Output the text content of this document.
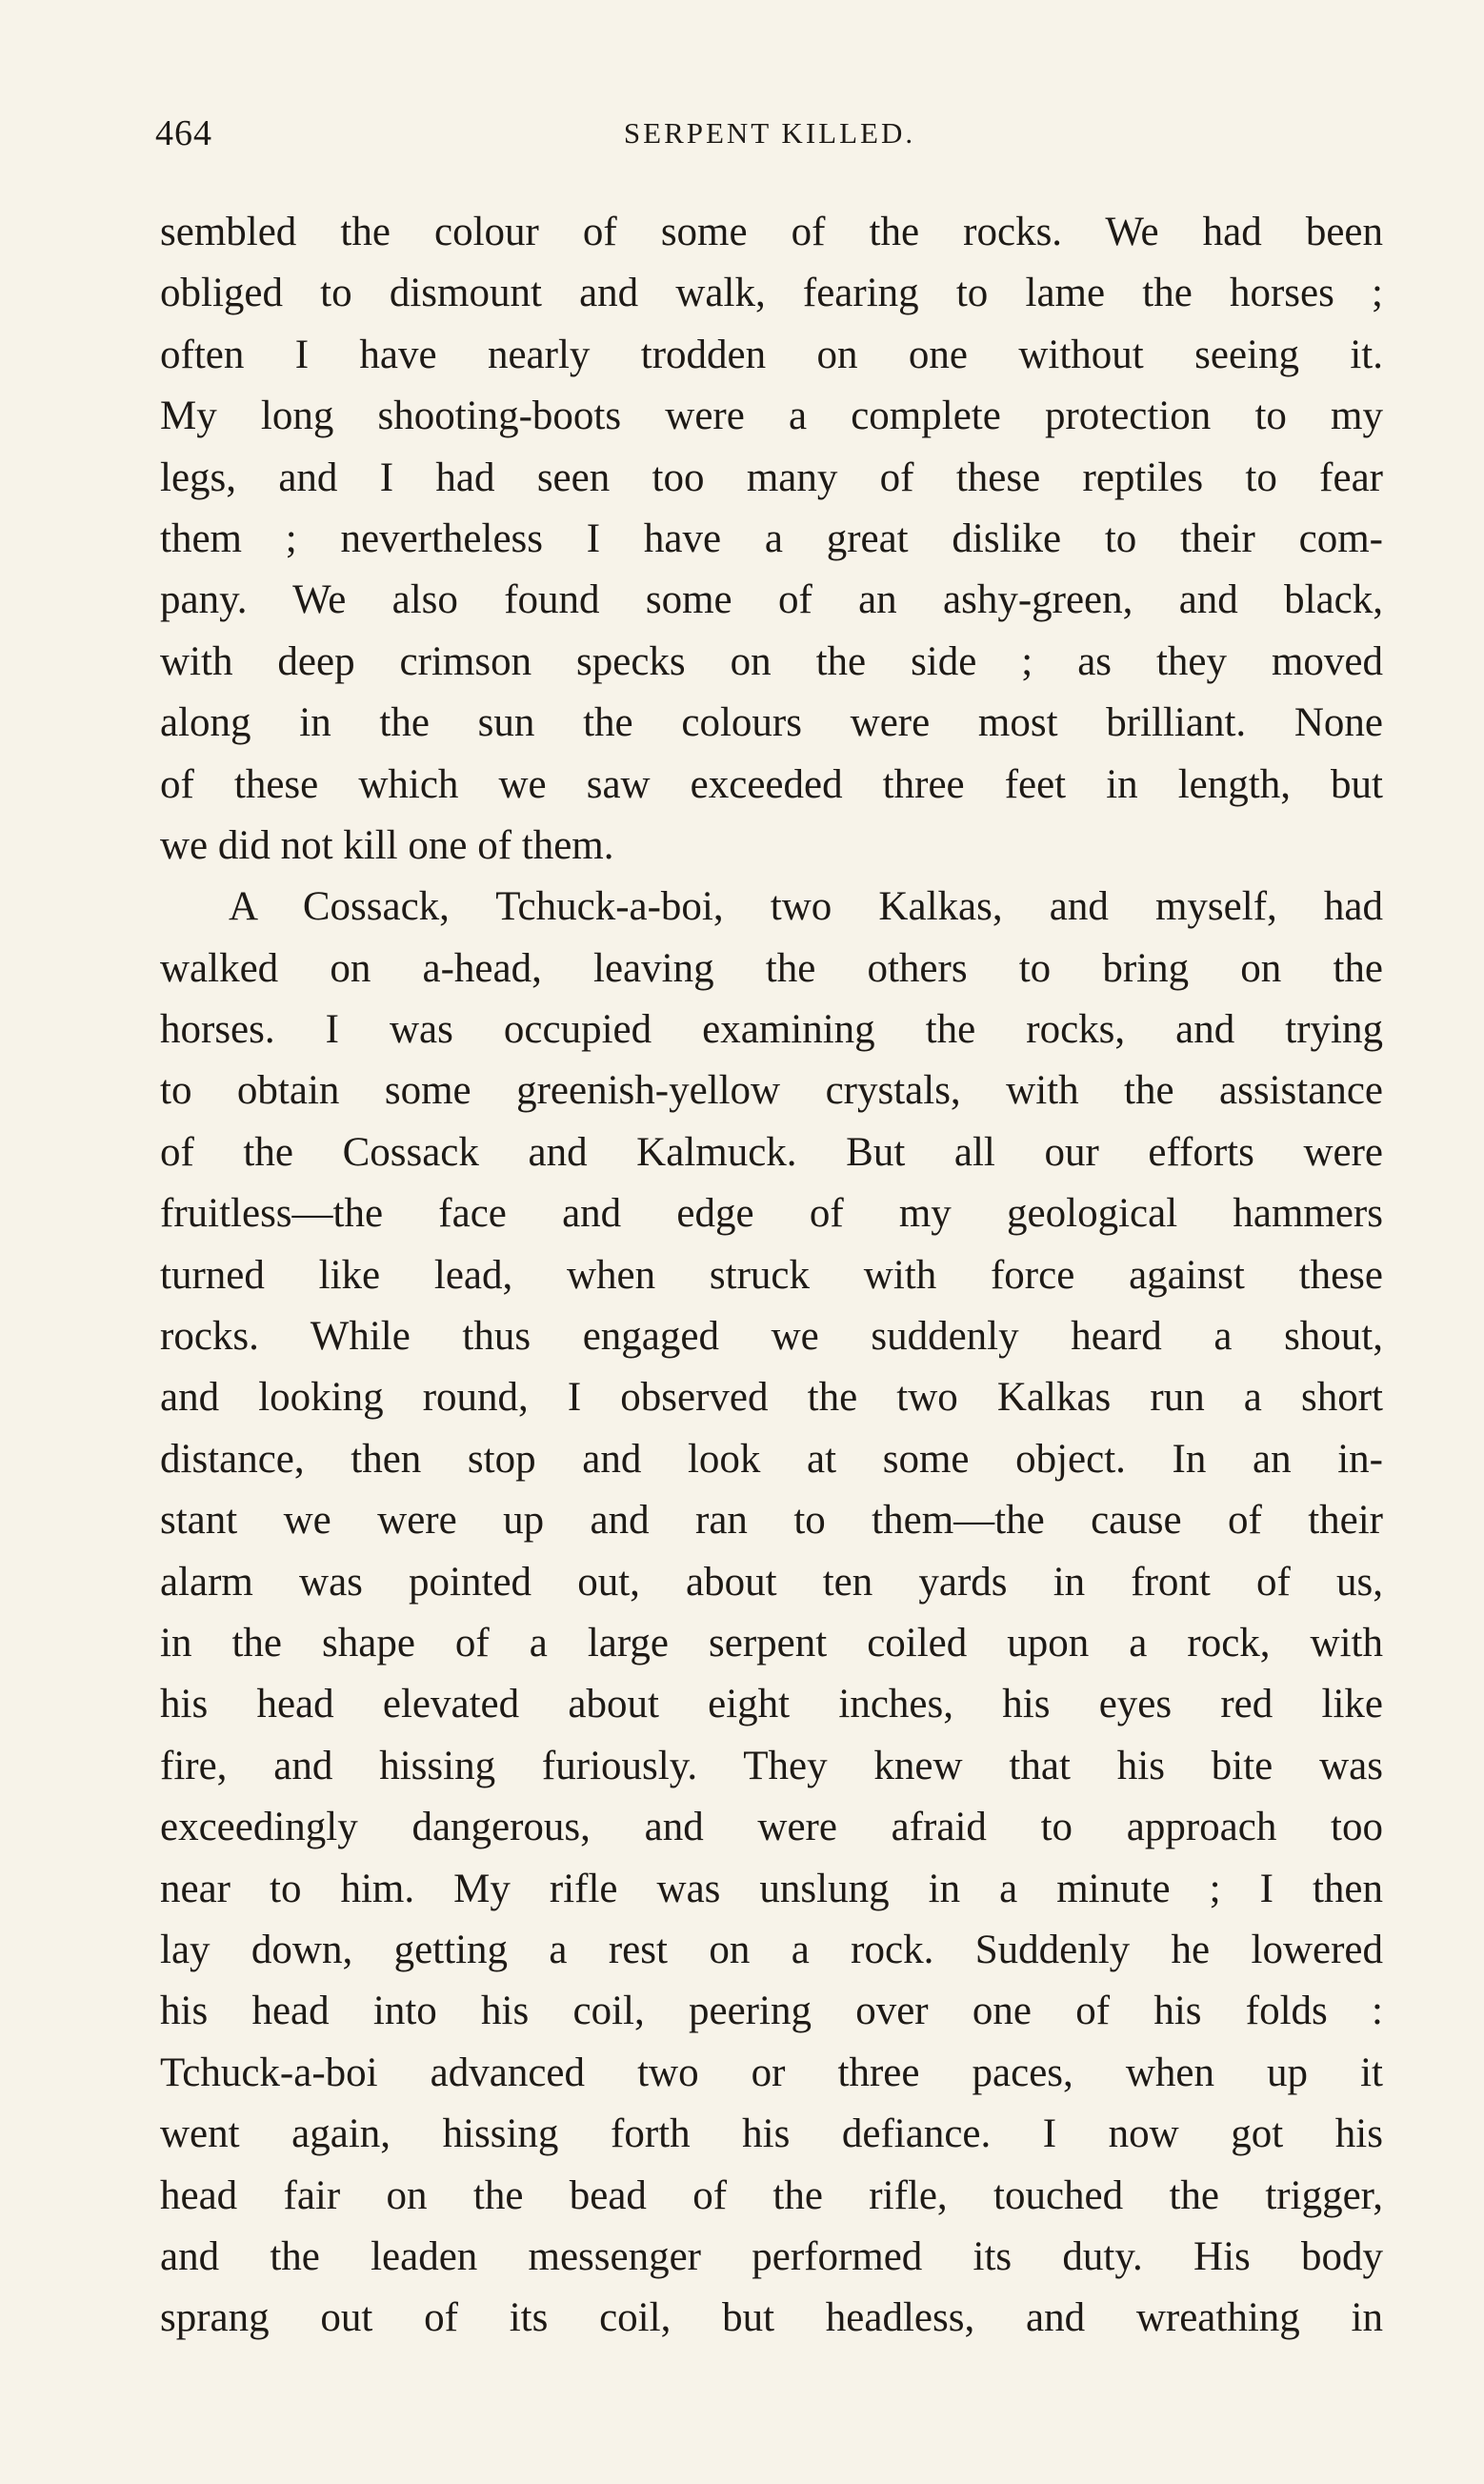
464	SERPENT KILLED.
sembled the colour of some of the rocks. We had been
obliged to dismount and walk, fearing to lame the horses ;
often I have nearly trodden on one without seeing it.
My long shooting-boots were a complete protection to my
legs, and I had seen too many of these reptiles to fear
them ; nevertheless I have a great dislike to their com-
pany. We also found some of an ashy-green, and black,
with deep crimson specks on the side ; as they moved
along in the sun the colours were most brilliant. None
of these which we saw exceeded three feet in length, but
we did not kill one of them.
A Cossack, Tchuck-a-boi, two Kalkas, and myself, had
walked on a-head, leaving the others to bring on the
horses. I was occupied examining the rocks, and trying
to obtain some greenish-yellow crystals, with the assistance
of the Cossack and Kalmuck. But all our efforts were
fruitless—the face and edge of my geological hammers
turned like lead, when struck with force against these
rocks. While thus engaged we suddenly heard a shout,
and looking round, I observed the two Kalkas run a short
distance, then stop and look at some object. In an in-
stant we were up and ran to them—the cause of their
alarm was pointed out, about ten yards in front of us,
in the shape of a large serpent coiled upon a rock, with
his head elevated about eight inches, his eyes red like
fire, and hissing furiously. They knew that his bite was
exceedingly dangerous, and were afraid to approach too
near to him. My rifle was unslung in a minute ; I then
lay down, getting a rest on a rock. Suddenly he lowered
his head into his coil, peering over one of his folds :
Tchuck-a-boi advanced two or three paces, when up it
went again, hissing forth his defiance. I now got his
head fair on the bead of the rifle, touched the trigger,
and the leaden messenger performed its duty. His body
sprang out of its coil, but headless, and wreathing in
